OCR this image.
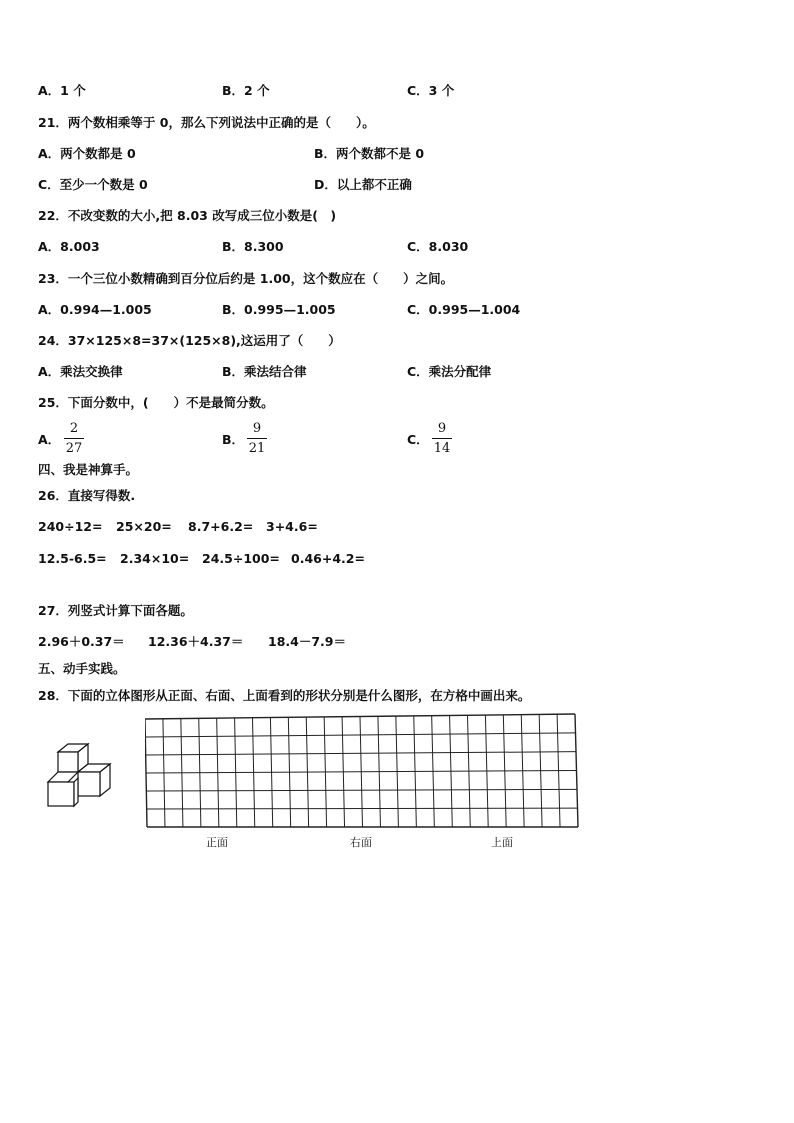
A．1 个	B．2 个	C．3 个
21．两个数相乘等于 0，那么下列说法中正确的是（　　）。
A．两个数都是 0	B．两个数都不是 0
C．至少一个数是 0	D．以上都不正确
22．不改变数的大小,把 8.03 改写成三位小数是(　)
A．8.003	B．8.300	C．8.030
23．一个三位小数精确到百分位后约是 1.00，这个数应在（　　）之间。
A．0.994—1.005	B．0.995—1.005	C．0.995—1.004
24．37×125×8=37×(125×8),这运用了（　　）
A．乘法交换律	B．乘法结合律	C．乘法分配律
25．下面分数中，(　　）不是最简分数。
A．
2
27
B．
9
21
C．
9
14
四、我是神算手。
26．直接写得数.
240÷12= 25×20= 8.7+6.2= 3+4.6=
12.5-6.5= 2.34×10= 24.5÷100= 0.46+4.2=
27．列竖式计算下面各题。
2.96＋0.37＝ 12.36＋4.37＝ 18.4－7.9＝
五、动手实践。
28．下面的立体图形从正面、右面、上面看到的形状分别是什么图形，在方格中画出来。
正面	右面	上面
